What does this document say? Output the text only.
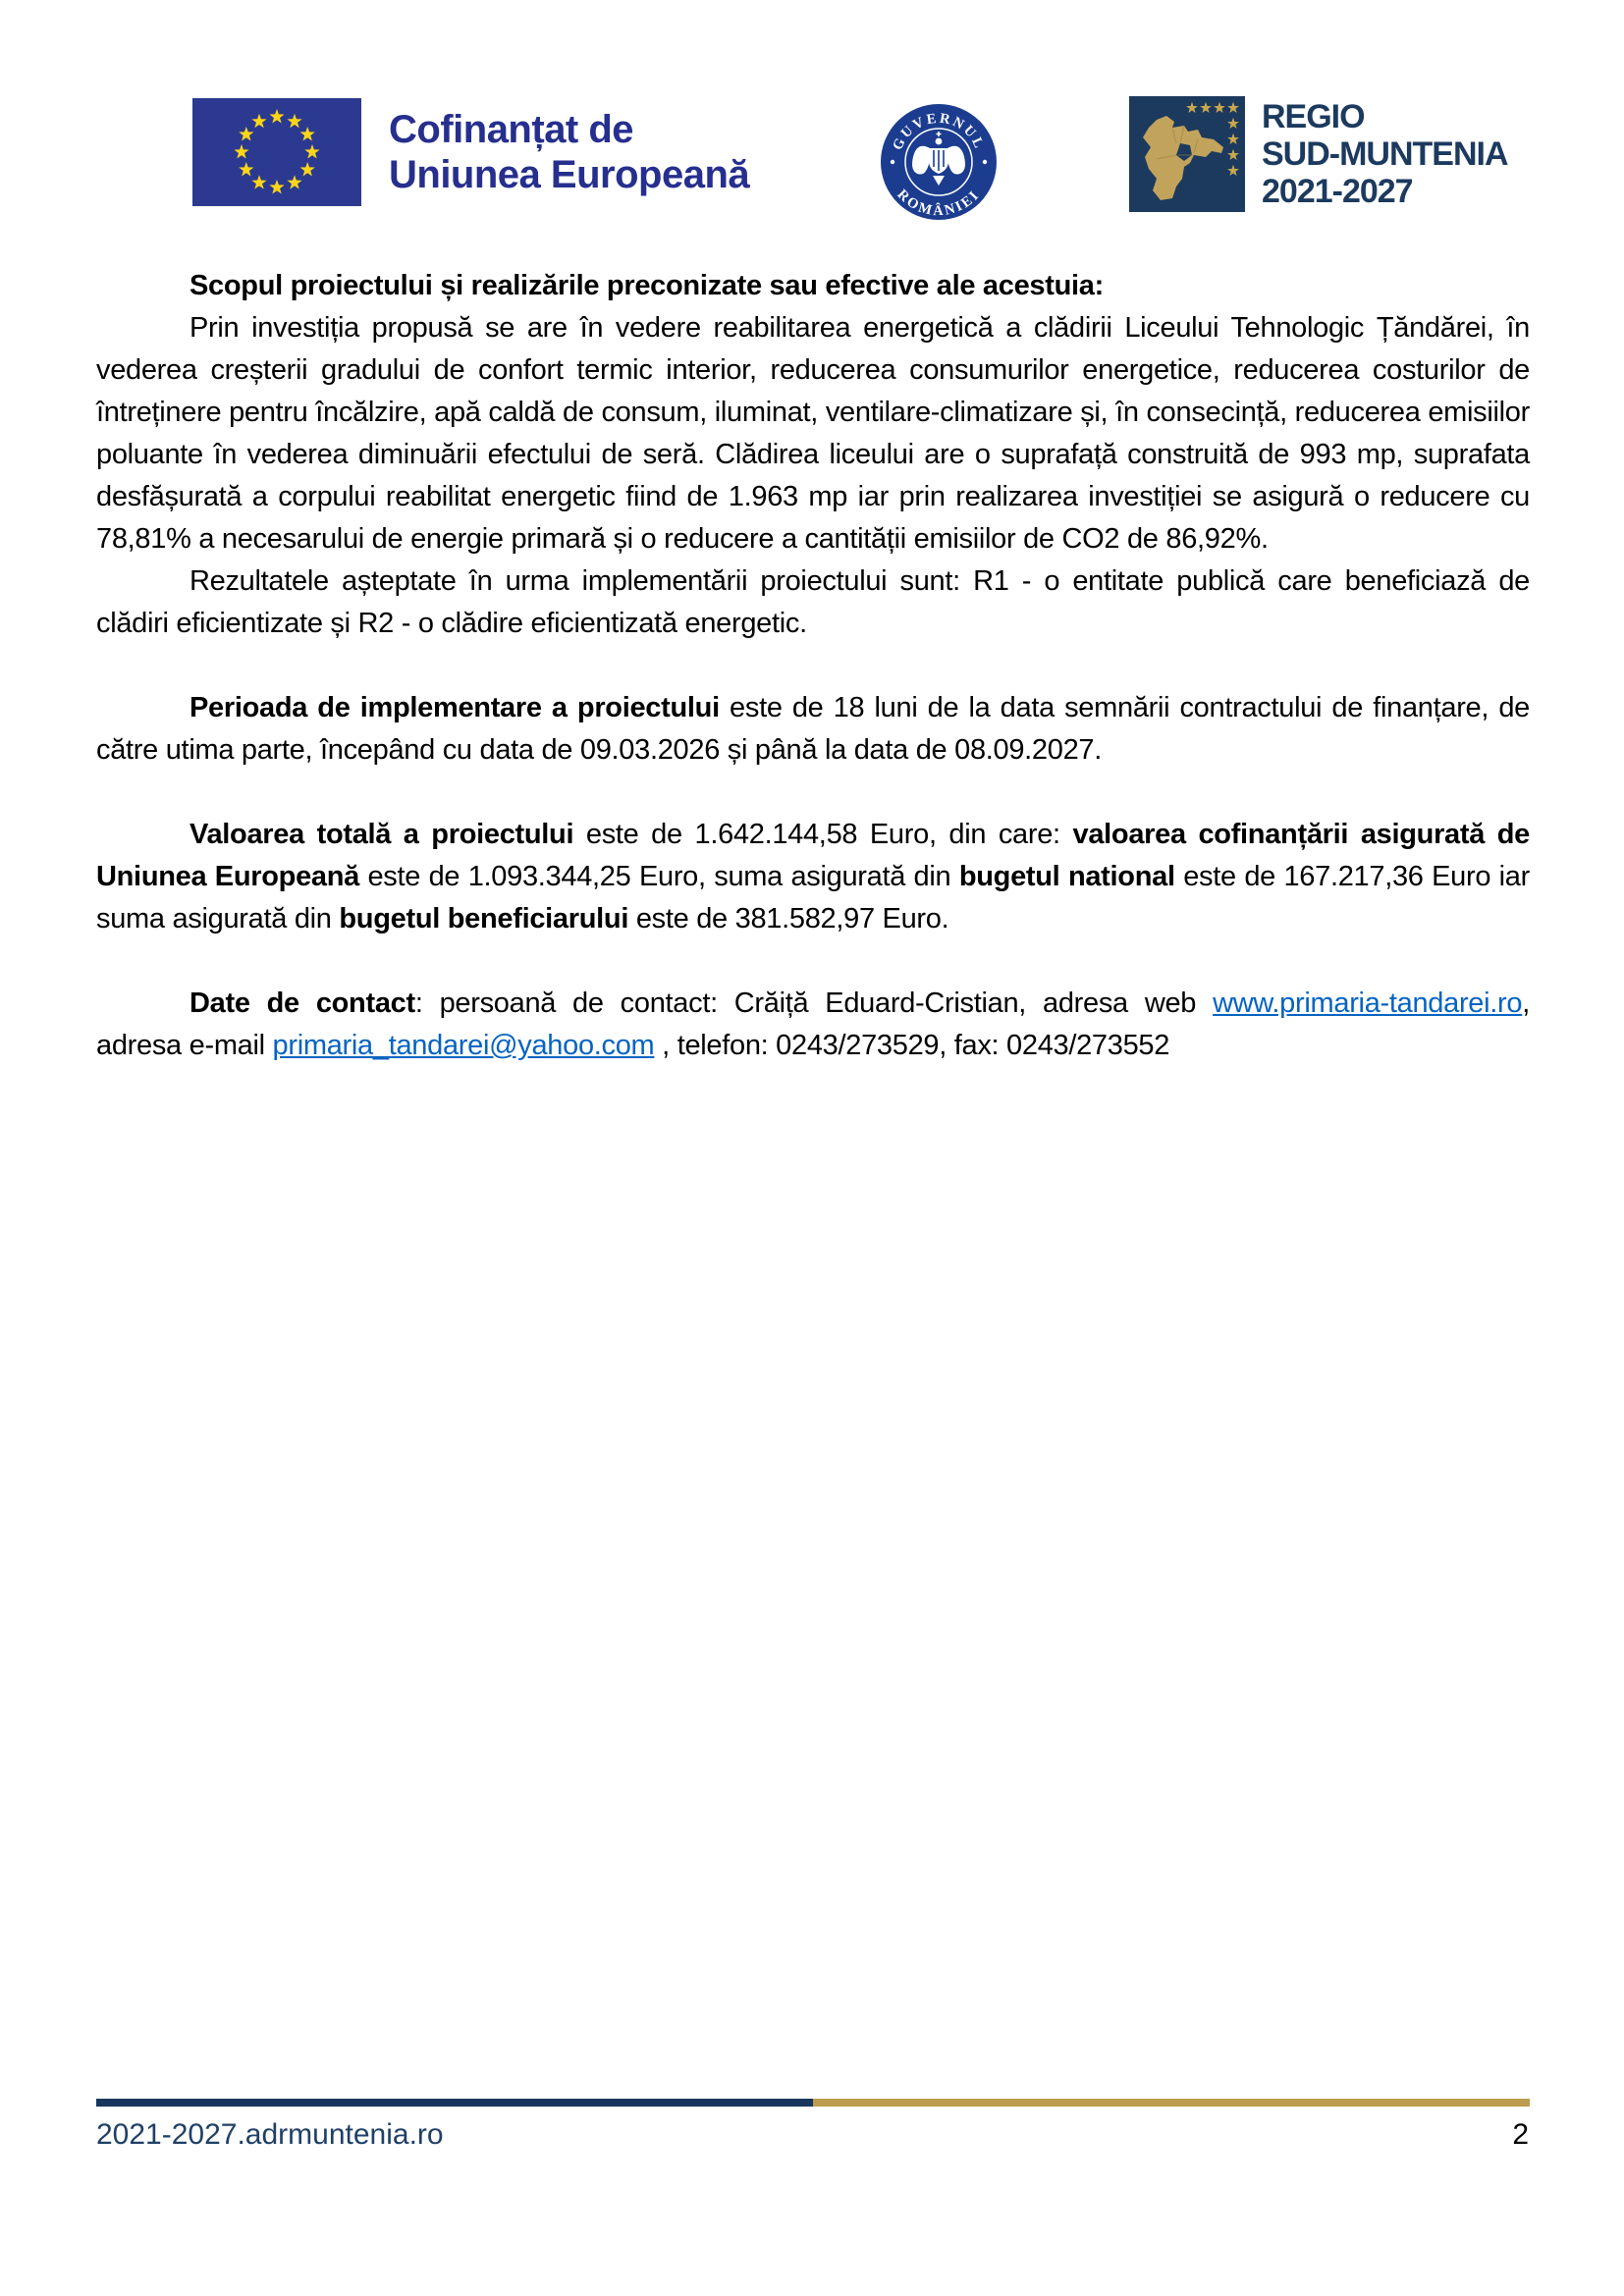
Cofinanțat de
Uniunea Europeană
GUVERNUL
ROMÂNIEI
REGIO
SUD-MUNTENIA
2021-2027

Scopul proiectului și realizările preconizate sau efective ale acestuia:

Prin investiția propusă se are în vedere reabilitarea energetică a clădirii Liceului Tehnologic Țăndărei, în vederea creșterii gradului de confort termic interior, reducerea consumurilor energetice, reducerea costurilor de întreținere pentru încălzire, apă caldă de consum, iluminat, ventilare-climatizare și, în consecință, reducerea emisiilor poluante în vederea diminuării efectului de seră. Clădirea liceului are o suprafață construită de 993 mp, suprafata desfășurată a corpului reabilitat energetic fiind de 1.963 mp iar prin realizarea investiției se asigură o reducere cu 78,81% a necesarului de energie primară și o reducere a cantității emisiilor de CO2 de 86,92%.

Rezultatele așteptate în urma implementării proiectului sunt: R1 - o entitate publică care beneficiază de clădiri eficientizate și R2 - o clădire eficientizată energetic.

Perioada de implementare a proiectului este de 18 luni de la data semnării contractului de finanțare, de către utima parte, începând cu data de 09.03.2026 și până la data de 08.09.2027.

Valoarea totală a proiectului este de 1.642.144,58 Euro, din care: valoarea cofinanțării asigurată de Uniunea Europeană este de 1.093.344,25 Euro, suma asigurată din bugetul national este de 167.217,36 Euro iar suma asigurată din bugetul beneficiarului este de 381.582,97 Euro.

Date de contact: persoană de contact: Crăiță Eduard-Cristian, adresa web www.primaria-tandarei.ro, adresa e-mail primaria_tandarei@yahoo.com , telefon: 0243/273529, fax: 0243/273552

2021-2027.adrmuntenia.ro	2
